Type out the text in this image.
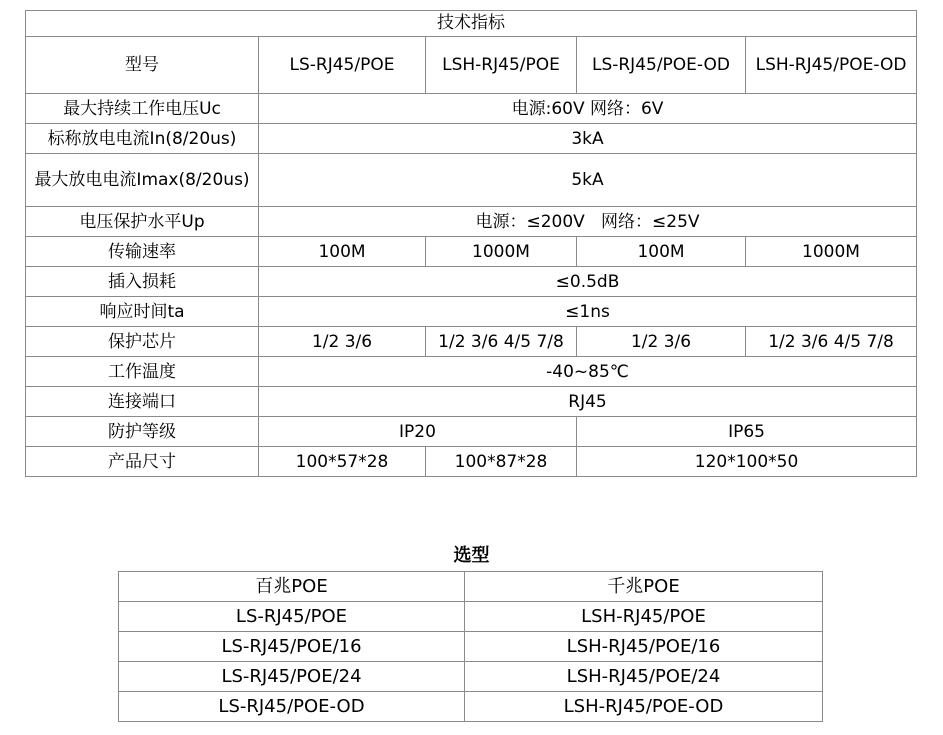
技术指标				
型号	LS-RJ45/POE	LSH-RJ45/POE	LS-RJ45/POE-OD	LSH-RJ45/POE-OD
最大持续工作电压Uc	电源:60V 网络：6V			
标称放电电流In(8/20us)	3kA			
最大放电电流Imax(8/20us)	5kA			
电压保护水平Up	电源：≤200V   网络：≤25V			
传输速率	100M	1000M	100M	1000M
插入损耗	≤0.5dB			
响应时间ta	≤1ns			
保护芯片	1/2 3/6	1/2 3/6 4/5 7/8	1/2 3/6	1/2 3/6 4/5 7/8
工作温度	-40~85℃			
连接端口	RJ45			
防护等级	IP20		IP65	
产品尺寸	100*57*28	100*87*28	120*100*50	
选型
百兆POE	千兆POE
LS-RJ45/POE	LSH-RJ45/POE
LS-RJ45/POE/16	LSH-RJ45/POE/16
LS-RJ45/POE/24	LSH-RJ45/POE/24
LS-RJ45/POE-OD	LSH-RJ45/POE-OD
